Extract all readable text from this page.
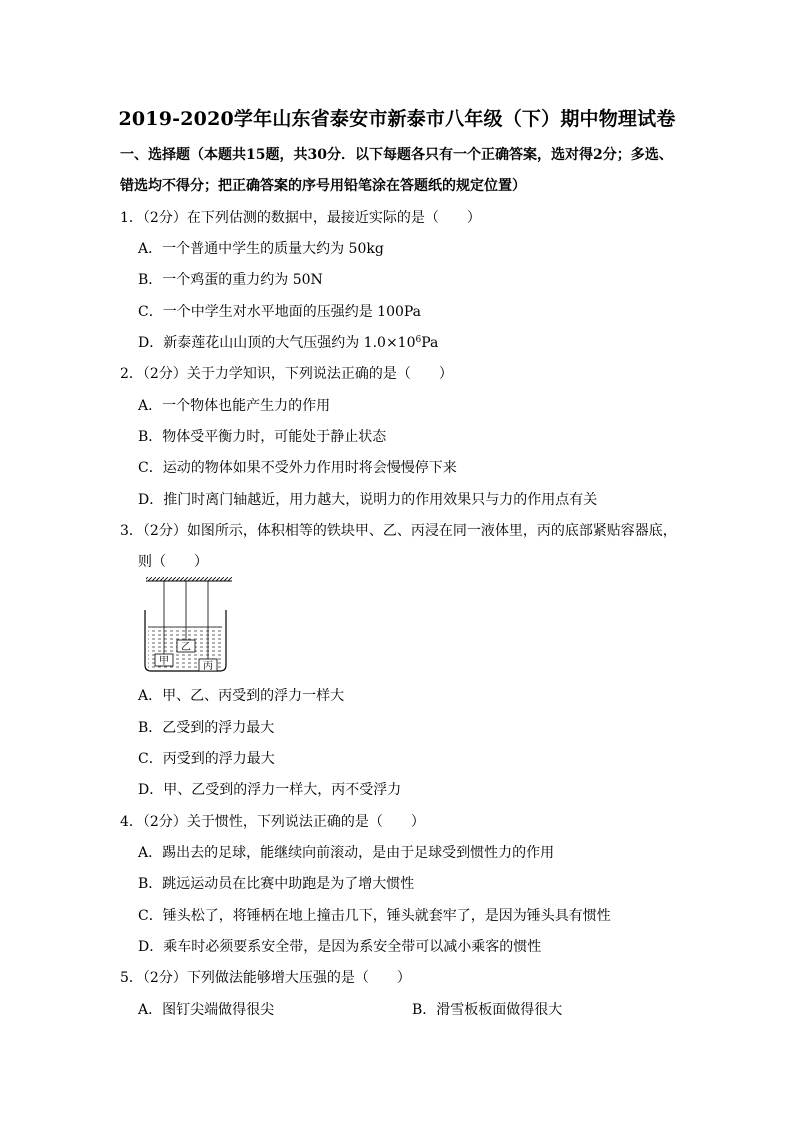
2019-2020学年山东省泰安市新泰市八年级（下）期中物理试卷
一、选择题（本题共15题，共30分．以下每题各只有一个正确答案，选对得2分；多选、
错选均不得分；把正确答案的序号用铅笔涂在答题纸的规定位置）
1．（2分）在下列估测的数据中，最接近实际的是（　　）
A．一个普通中学生的质量大约为 50kg
B．一个鸡蛋的重力约为 50N
C．一个中学生对水平地面的压强约是 100Pa
D．新泰莲花山山顶的大气压强约为 $1.0\times 10^6Pa$
2．（2分）关于力学知识，下列说法正确的是（　　）
A．一个物体也能产生力的作用
B．物体受平衡力时，可能处于静止状态
C．运动的物体如果不受外力作用时将会慢慢停下来
D．推门时离门轴越近，用力越大，说明力的作用效果只与力的作用点有关
3．（2分）如图所示，体积相等的铁块甲、乙、丙浸在同一液体里，丙的底部紧贴容器底，
则（　　）
甲
乙
丙
A．甲、乙、丙受到的浮力一样大
B．乙受到的浮力最大
C．丙受到的浮力最大
D．甲、乙受到的浮力一样大，丙不受浮力
4．（2分）关于惯性，下列说法正确的是（　　）
A．踢出去的足球，能继续向前滚动，是由于足球受到惯性力的作用
B．跳远运动员在比赛中助跑是为了增大惯性
C．锤头松了，将锤柄在地上撞击几下，锤头就套牢了，是因为锤头具有惯性
D．乘车时必须要系安全带，是因为系安全带可以减小乘客的惯性
5．（2分）下列做法能够增大压强的是（　　）
A．图钉尖端做得很尖	B．滑雪板板面做得很大
